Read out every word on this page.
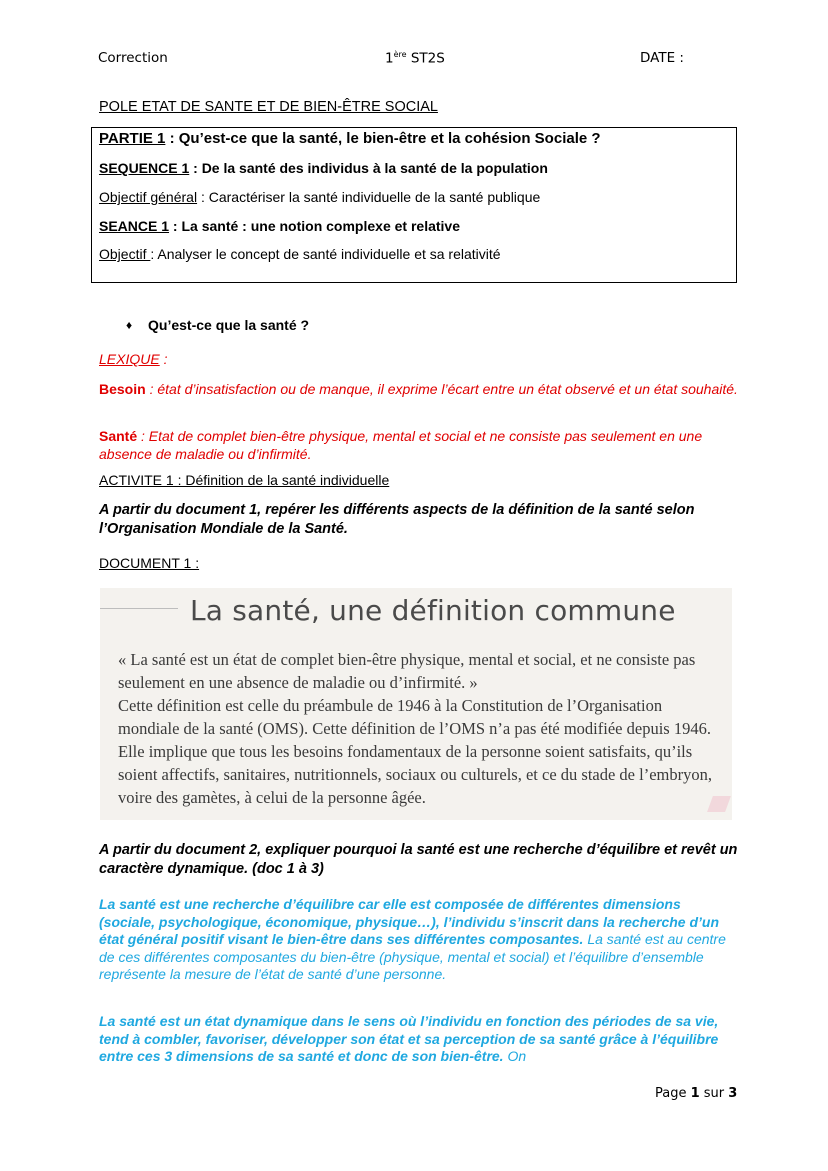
Correction	1ère ST2S	DATE :
POLE ETAT DE SANTE ET DE BIEN-ÊTRE SOCIAL
PARTIE 1 : Qu’est-ce que la santé, le bien-être et la cohésion Sociale ?
SEQUENCE 1 : De la santé des individus à la santé de la population
Objectif général : Caractériser la santé individuelle de la santé publique
SEANCE 1 : La santé : une notion complexe et relative
Objectif : Analyser le concept de santé individuelle et sa relativité
♦ Qu’est-ce que la santé ?
LEXIQUE :
Besoin : état d’insatisfaction ou de manque, il exprime l’écart entre un état observé et un état souhaité.
Santé : Etat de complet bien-être physique, mental et social et ne consiste pas seulement en une absence de maladie ou d’infirmité.
ACTIVITE 1 : Définition de la santé individuelle
A partir du document 1, repérer les différents aspects de la définition de la santé selon l’Organisation Mondiale de la Santé.
DOCUMENT 1 :
La santé, une définition commune

« La santé est un état de complet bien-être physique, mental et social, et ne consiste pas seulement en une absence de maladie ou d’infirmité. »

Cette définition est celle du préambule de 1946 à la Constitution de l’Organisation mondiale de la santé (OMS). Cette définition de l’OMS n’a pas été modifiée depuis 1946. Elle implique que tous les besoins fondamentaux de la personne soient satisfaits, qu’ils soient affectifs, sanitaires, nutritionnels, sociaux ou culturels, et ce du stade de l’embryon, voire des gamètes, à celui de la personne âgée.

A partir du document 2, expliquer pourquoi la santé est une recherche d’équilibre et revêt un caractère dynamique. (doc 1 à 3)
La santé est une recherche d’équilibre car elle est composée de différentes dimensions (sociale, psychologique, économique, physique…), l’individu s’inscrit dans la recherche d’un état général positif visant le bien-être dans ses différentes composantes. La santé est au centre de ces différentes composantes du bien-être (physique, mental et social) et l’équilibre d’ensemble représente la mesure de l’état de santé d’une personne.
La santé est un état dynamique dans le sens où l’individu en fonction des périodes de sa vie, tend à combler, favoriser, développer son état et sa perception de sa santé grâce à l’équilibre entre ces 3 dimensions de sa santé et donc de son bien-être. On
Page 1 sur 3
